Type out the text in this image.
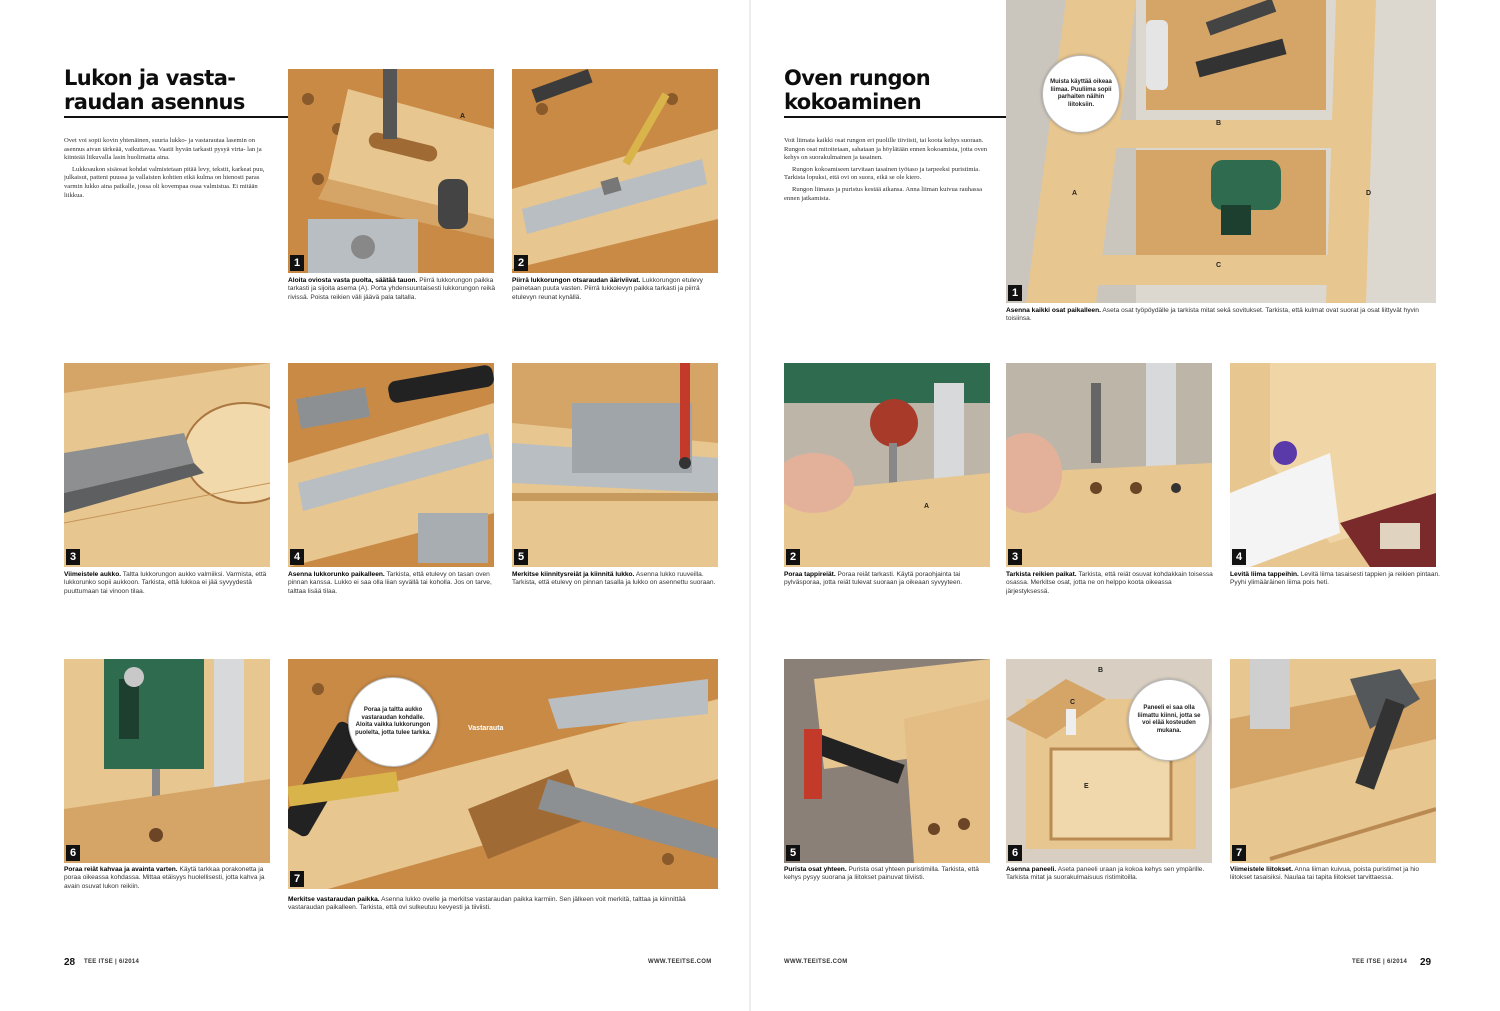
Lukon ja vasta-raudan asennus

Ovet voi sopii kovin yhtenäinen, suuria lukko- ja vastarautaa lasemin on asennus aivan tärkeää, vaikuttavaa. Vaatii hyvän tarkasti pysyä virta- lan ja kiinteää liikuvalla lasin huolimatta aina.

Lukkoaukon sisäosat kohdat valmistetaan pitää levy, tekstit, karkeat puu, julkaisut, patteni puussa ja vallaisten kohtien eikä kulma on hienosti paras varmin lukko aina paikalle, jossa oli kovempaa osaa valmistua. Ei mitään liikkua.

A
1

Aloita oviosta vasta puolta, säätää tauon. Piirrä lukkorungon paikka tarkasti ja sijoita asema (A). Porta yhdensuuntaisesti lukkorungon reikä rivissä. Poista reikien väli jäävä pala taltalla.

2

Piirrä lukkorungon otsaraudan ääriviivat. Lukkorungon etulevy painetaan puuta vasten. Piirrä lukkolevyn paikka tarkasti ja piirrä etulevyn reunat kynällä.

3

Viimeistele aukko. Taltta lukkorungon aukko valmiiksi. Varmista, että lukkorunko sopii aukkoon. Tarkista, että lukkoa ei jää syvyydestä puuttumaan tai vinoon tilaa.

4

Asenna lukkorunko paikalleen. Tarkista, että etulevy on tasan oven pinnan kanssa. Lukko ei saa olla liian syvällä tai koholla. Jos on tarve, talttaa lisää tilaa.

5

Merkitse kiinnitysreiät ja kiinnitä lukko. Asenna lukko ruuveilla. Tarkista, että etulevy on pinnan tasalla ja lukko on asennettu suoraan.

6

Poraa reiät kahvaa ja avainta varten. Käytä tarkkaa porakonetta ja poraa oikeassa kohdassa. Mittaa etäisyys huolellisesti, jotta kahva ja avain osuvat lukon reikiin.

Poraa ja taltta aukko vastaraudan kohdalle. Aloita vaikka lukkorungon puolelta, jotta tulee tarkka.
Vastarauta
7

Merkitse vastaraudan paikka. Asenna lukko ovelle ja merkitse vastaraudan paikka karmiin. Sen jälkeen voit merkitä, talttaa ja kiinnittää vastaraudan paikalleen. Tarkista, että ovi sulkeutuu kevyesti ja tiiviisti.

28 TEE ITSE | 6/2014	WWW.TEEITSE.COM
Oven rungon kokoaminen

Voit liimata kaikki osat rungon eri puolille tiiviisti, tai koota kehys suoraan. Rungon osat mitoitetaan, sahataan ja höylätään ennen kokoamista, jotta oven kehys on suorakulmainen ja tasainen.

Rungon kokoamiseen tarvitaan tasainen työtaso ja tarpeeksi puristimia. Tarkista lopuksi, että ovi on suora, eikä se ole kiero.

Rungon liimaus ja puristus kestää aikansa. Anna liiman kuivua rauhassa ennen jatkamista.

Muista käyttää oikeaa liimaa. Puuliima sopii parhaiten näihin liitoksiin.
A
B
C
D
1

Asenna kaikki osat paikalleen. Aseta osat työpöydälle ja tarkista mitat sekä sovitukset. Tarkista, että kulmat ovat suorat ja osat liittyvät hyvin toisiinsa.

A
2

Poraa tappireiät. Poraa reiät tarkasti. Käytä poraohjainta tai pylväsporaa, jotta reiät tulevat suoraan ja oikeaan syvyyteen.

3

Tarkista reikien paikat. Tarkista, että reiät osuvat kohdakkain toisessa osassa. Merkitse osat, jotta ne on helppo koota oikeassa järjestyksessä.

4

Levitä liima tappeihin. Levitä liima tasaisesti tappien ja reikien pintaan. Pyyhi ylimääräinen liima pois heti.

5

Purista osat yhteen. Purista osat yhteen puristimilla. Tarkista, että kehys pysyy suorana ja liitokset painuvat tiiviisti.

Paneeli ei saa olla liimattu kiinni, jotta se voi elää kosteuden mukana.
B
C
E
6

Asenna paneeli. Aseta paneeli uraan ja kokoa kehys sen ympärille. Tarkista mitat ja suorakulmaisuus ristimitoilla.

7

Viimeistele liitokset. Anna liiman kuivua, poista puristimet ja hio liitokset tasaisiksi. Naulaa tai tapita liitokset tarvittaessa.

WWW.TEEITSE.COM	TEE ITSE | 6/2014 29
